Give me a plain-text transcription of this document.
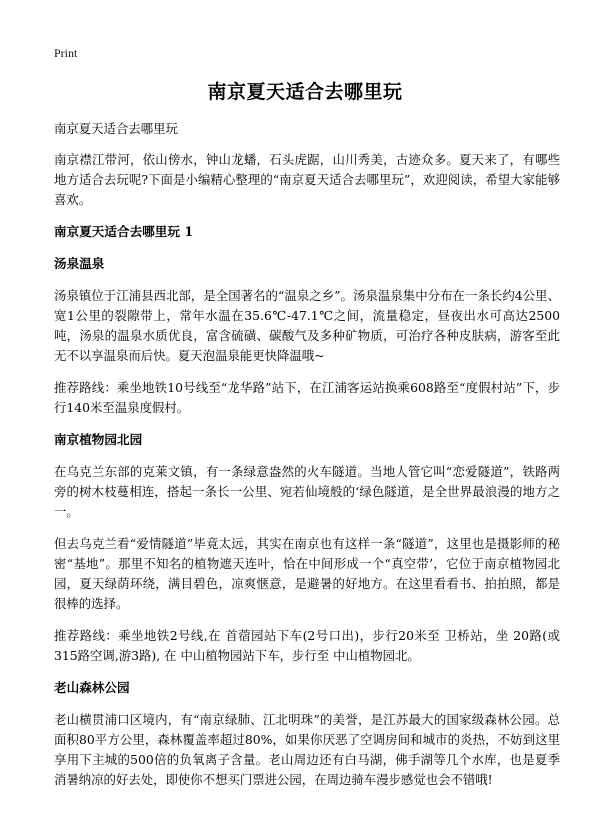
Print
南京夏天适合去哪里玩

南京夏天适合去哪里玩

南京襟江带河，依山傍水，钟山龙蟠，石头虎踞，山川秀美，古迹众多。夏天来了，有哪些地方适合去玩呢?下面是小编精心整理的“南京夏天适合去哪里玩”，欢迎阅读，希望大家能够喜欢。

南京夏天适合去哪里玩 1
汤泉温泉

汤泉镇位于江浦县西北部，是全国著名的“温泉之乡”。汤泉温泉集中分布在一条长约4公里、宽1公里的裂隙带上，常年水温在35.6℃-47.1℃之间，流量稳定，昼夜出水可高达2500吨，汤泉的温泉水质优良，富含硫磺、碳酸气及多种矿物质，可治疗各种皮肤病，游客至此无不以享温泉而后快。夏天泡温泉能更快降温哦~

推荐路线：乘坐地铁10号线至“龙华路”站下，在江浦客运站换乘608路至“度假村站”下，步行140米至温泉度假村。

南京植物园北园

在乌克兰东部的克莱文镇，有一条绿意盎然的火车隧道。当地人管它叫“恋爱隧道”，铁路两旁的树木枝蔓相连，搭起一条长一公里、宛若仙境般的‘绿色隧道，是全世界最浪漫的地方之一。

但去乌克兰看“爱情隧道”毕竟太远，其实在南京也有这样一条“隧道”，这里也是摄影师的秘密“基地”。那里不知名的植物遮天连叶，恰在中间形成一个“真空带’，它位于南京植物园北园，夏天绿荫环绕，满目碧色，凉爽惬意，是避暑的好地方。在这里看看书、拍拍照，都是很棒的选择。

推荐路线：乘坐地铁2号线,在 首蓿园站下车(2号口出)，步行20米至 卫桥站，坐 20路(或 315路空调,游3路), 在 中山植物园站下车，步行至 中山植物园北。

老山森林公园

老山横贯浦口区境内，有“南京绿肺、江北明珠”的美誉，是江苏最大的国家级森林公园。总面积80平方公里，森林覆盖率超过80%，如果你厌恶了空调房间和城市的炎热，不妨到这里享用下主城的500倍的负氧离子含量。老山周边还有白马湖，佛手湖等几个水库，也是夏季消暑纳凉的好去处，即使你不想买门票进公园，在周边骑车漫步感觉也会不错哦!
